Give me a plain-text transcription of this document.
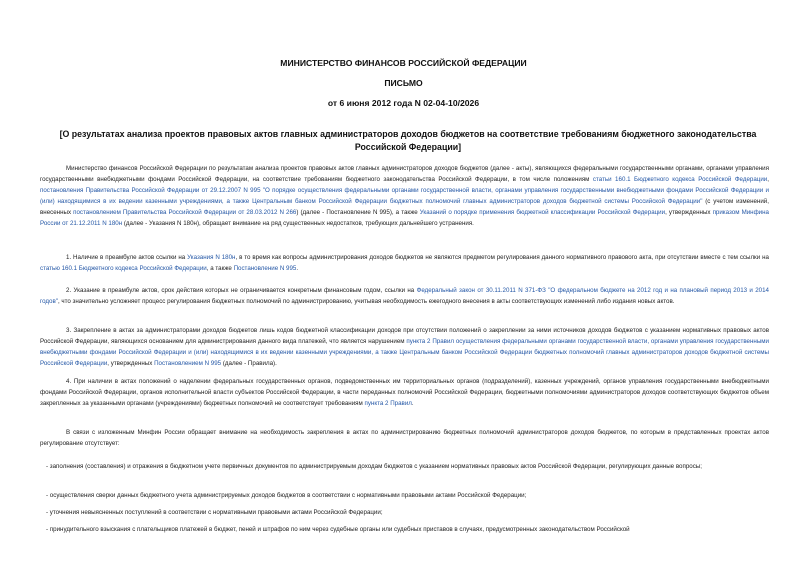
МИНИСТЕРСТВО ФИНАНСОВ РОССИЙСКОЙ ФЕДЕРАЦИИ
ПИСЬМО
от 6 июня 2012 года N 02-04-10/2026
[О результатах анализа проектов правовых актов главных администраторов доходов бюджетов на соответствие требованиям бюджетного законодательства Российской Федерации]
Министерство финансов Российской Федерации по результатам анализа проектов правовых актов главных администраторов доходов бюджетов (далее - акты), являющихся федеральными государственными органами, органами управления государственными внебюджетными фондами Российской Федерации, на соответствие требованиям бюджетного законодательства Российской Федерации, в том числе положениям статьи 160.1 Бюджетного кодекса Российской Федерации, постановления Правительства Российской Федерации от 29.12.2007 N 995 "О порядке осуществления федеральными органами государственной власти, органами управления государственными внебюджетными фондами Российской Федерации и (или) находящимися в их ведении казенными учреждениями, а также Центральным банком Российской Федерации бюджетных полномочий главных администраторов доходов бюджетной системы Российской Федерации" (с учетом изменений, внесенных постановлением Правительства Российской Федерации от 28.03.2012 N 266) (далее - Постановление N 995), а также Указаний о порядке применения бюджетной классификации Российской Федерации, утвержденных приказом Минфина России от 21.12.2011 N 180н (далее - Указания N 180н), обращает внимание на ряд существенных недостатков, требующих дальнейшего устранения.
1. Наличие в преамбуле актов ссылки на Указания N 180н, в то время как вопросы администрирования доходов бюджетов не являются предметом регулирования данного нормативного правового акта, при отсутствии вместе с тем ссылки на статью 160.1 Бюджетного кодекса Российской Федерации, а также Постановление N 995.
2. Указание в преамбуле актов, срок действия которых не ограничивается конкретным финансовым годом, ссылки на Федеральный закон от 30.11.2011 N 371-ФЗ "О федеральном бюджете на 2012 год и на плановый период 2013 и 2014 годов", что значительно усложняет процесс регулирования бюджетных полномочий по администрированию, учитывая необходимость ежегодного внесения в акты соответствующих изменений либо издания новых актов.
3. Закрепление в актах за администраторами доходов бюджетов лишь кодов бюджетной классификации доходов при отсутствии положений о закреплении за ними источников доходов бюджетов с указанием нормативных правовых актов Российской Федерации, являющихся основанием для администрирования данного вида платежей, что является нарушением пункта 2 Правил осуществления федеральными органами государственной власти, органами управления государственными внебюджетными фондами Российской Федерации и (или) находящимися в их ведении казенными учреждениями, а также Центральным банком Российской Федерации бюджетных полномочий главных администраторов доходов бюджетной системы Российской Федерации, утвержденных Постановлением N 995 (далее - Правила).
4. При наличии в актах положений о наделении федеральных государственных органов, подведомственных им территориальных органов (подразделений), казенных учреждений, органов управления государственными внебюджетными фондами Российской Федерации, органов исполнительной власти субъектов Российской Федерации, в части переданных полномочий Российской Федерации, бюджетными полномочиями администраторов доходов соответствующих бюджетов объем закрепленных за указанными органами (учреждениями) бюджетных полномочий не соответствует требованиям пункта 2 Правил.
В связи с изложенным Минфин России обращает внимание на необходимость закрепления в актах по администрированию бюджетных полномочий администраторов доходов бюджетов, по которым в представленных проектах актов регулирование отсутствует:
- заполнения (составления) и отражения в бюджетном учете первичных документов по администрируемым доходам бюджетов с указанием нормативных правовых актов Российской Федерации, регулирующих данные вопросы;
- осуществления сверки данных бюджетного учета администрируемых доходов бюджетов в соответствии с нормативными правовыми актами Российской Федерации;
- уточнения невыясненных поступлений в соответствии с нормативными правовыми актами Российской Федерации;
- принудительного взыскания с плательщиков платежей в бюджет, пеней и штрафов по ним через судебные органы или судебных приставов в случаях, предусмотренных законодательством Российской
